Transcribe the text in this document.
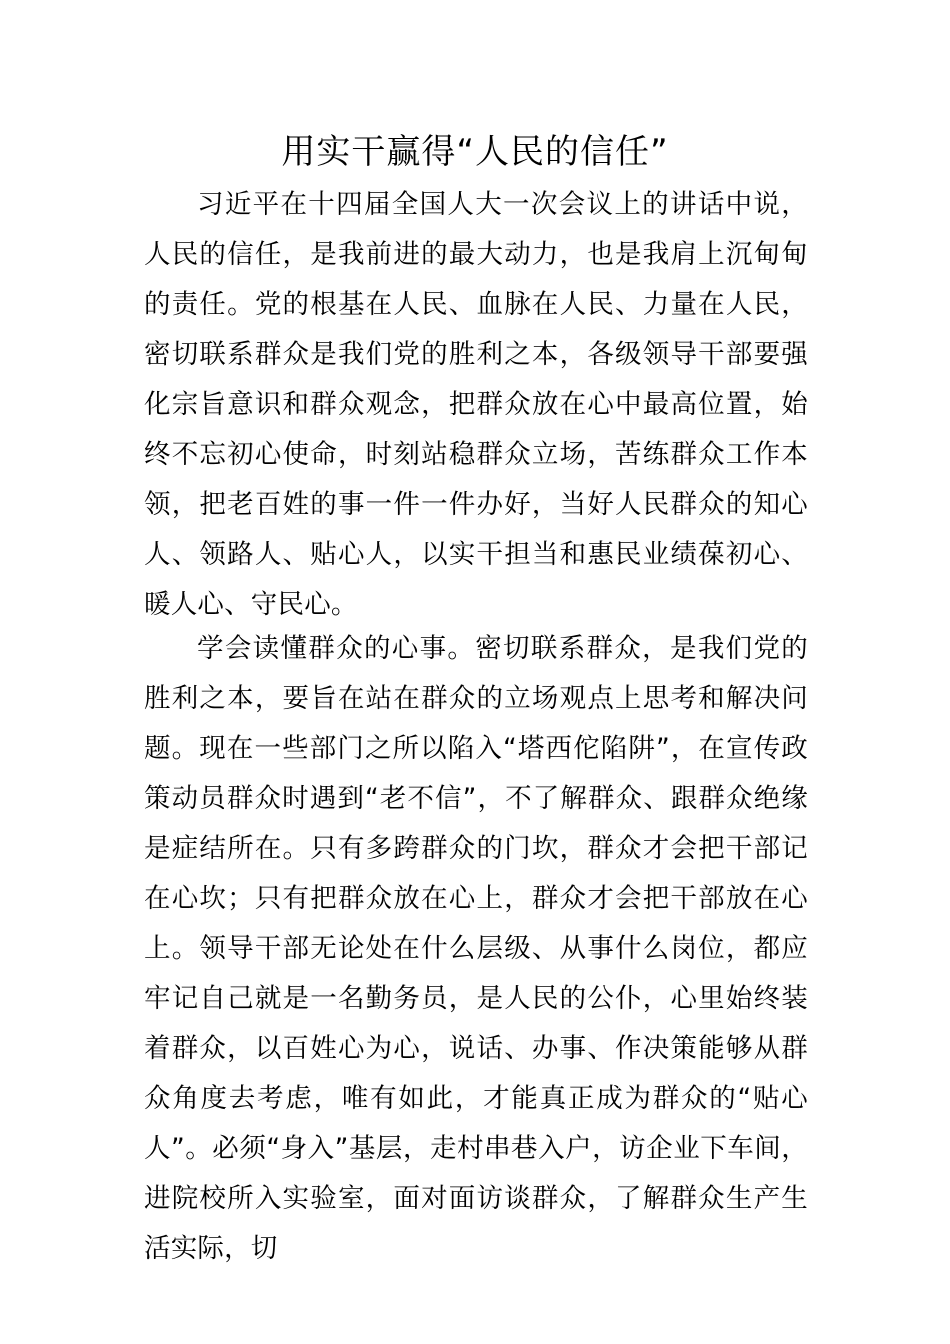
用实干赢得“人民的信任”

习近平在十四届全国人大一次会议上的讲话中说，人民的信任，是我前进的最大动力，也是我肩上沉甸甸的责任。党的根基在人民、血脉在人民、力量在人民，密切联系群众是我们党的胜利之本，各级领导干部要强化宗旨意识和群众观念，把群众放在心中最高位置，始终不忘初心使命，时刻站稳群众立场，苦练群众工作本领，把老百姓的事一件一件办好，当好人民群众的知心人、领路人、贴心人，以实干担当和惠民业绩葆初心、暖人心、守民心。

学会读懂群众的心事。密切联系群众，是我们党的胜利之本，要旨在站在群众的立场观点上思考和解决问题。现在一些部门之所以陷入“塔西佗陷阱”，在宣传政策动员群众时遇到“老不信”，不了解群众、跟群众绝缘是症结所在。只有多跨群众的门坎，群众才会把干部记在心坎；只有把群众放在心上，群众才会把干部放在心上。领导干部无论处在什么层级、从事什么岗位，都应牢记自己就是一名勤务员，是人民的公仆，心里始终装着群众，以百姓心为心，说话、办事、作决策能够从群众角度去考虑，唯有如此，才能真正成为群众的“贴心人”。必须“身入”基层，走村串巷入户，访企业下车间，进院校所入实验室，面对面访谈群众，了解群众生产生活实际，切
